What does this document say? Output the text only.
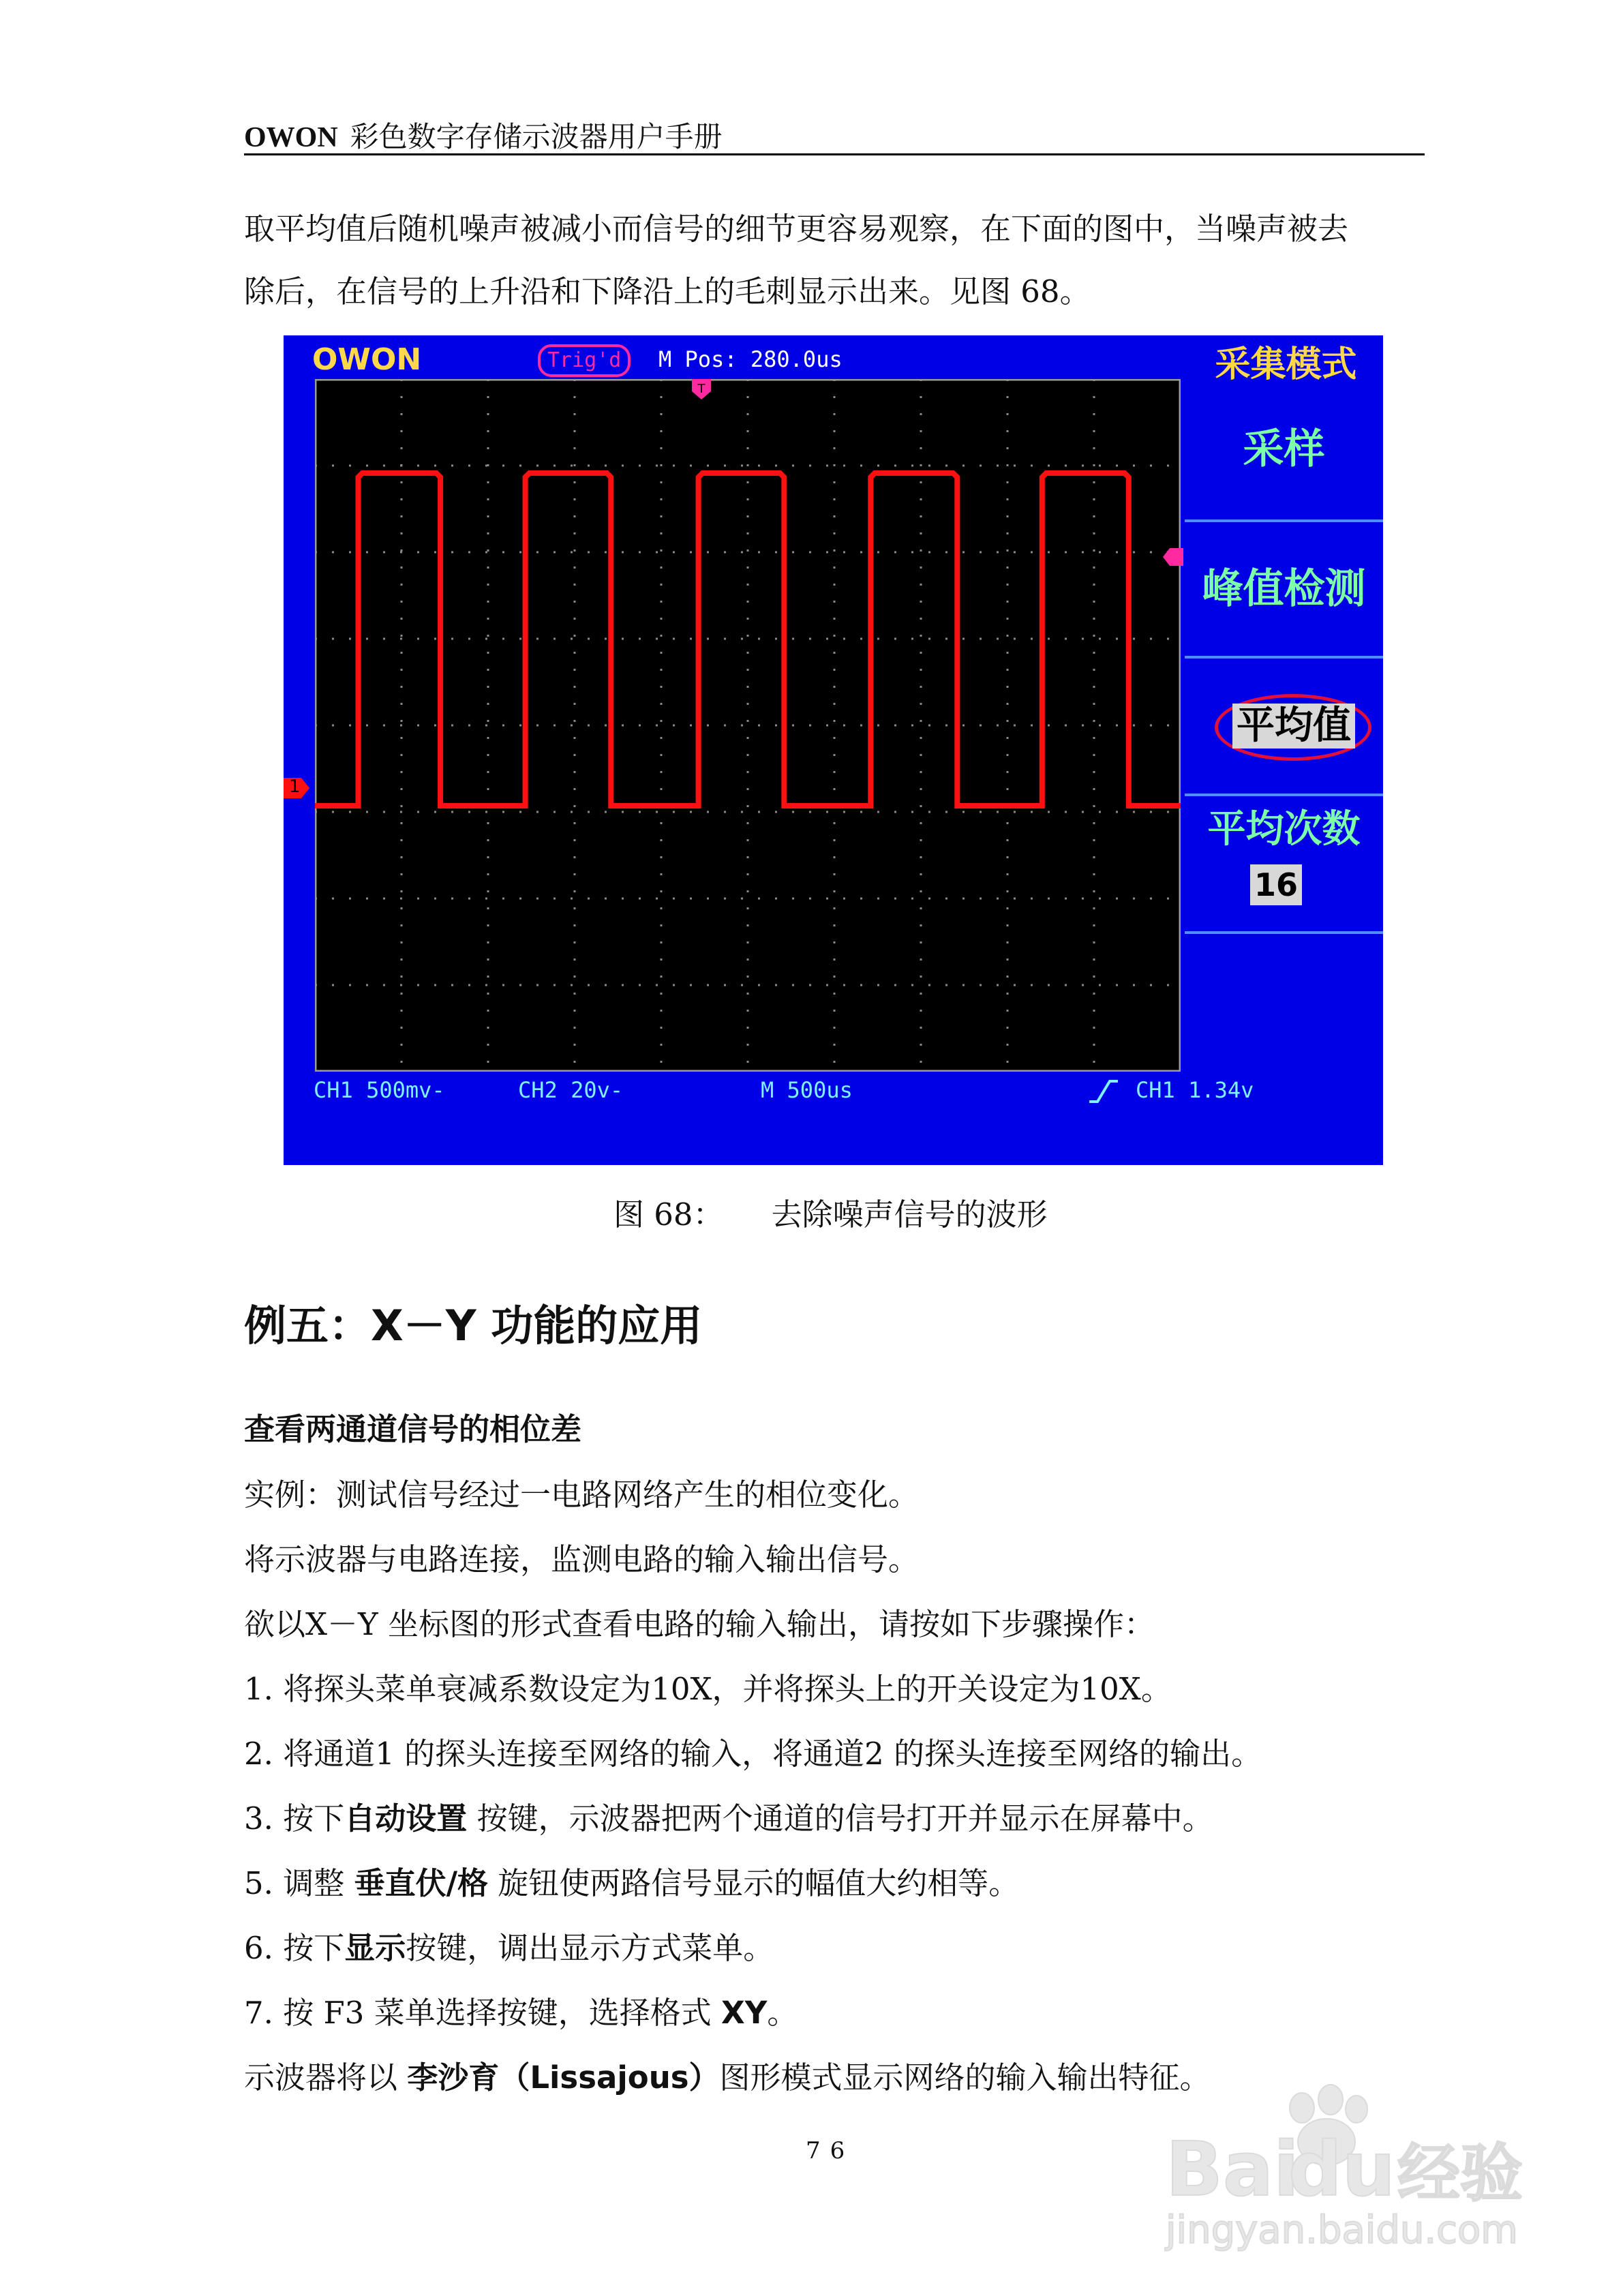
OWON 彩色数字存储示波器用户手册

取平均值后随机噪声被减小而信号的细节更容易观察，在下面的图中，当噪声被去

除后，在信号的上升沿和下降沿上的毛刺显示出来。见图 68。

OWON	Trig'd	M Pos: 280.0us
T
1
采集模式
采样
峰值检测
平均值
平均次数
16
CH1 500mv-	CH2 20v-	M 500us	CH1 1.34v
图 68： 去除噪声信号的波形
例五：X－Y 功能的应用
查看两通道信号的相位差
实例：测试信号经过一电路网络产生的相位变化。
将示波器与电路连接，监测电路的输入输出信号。
欲以X－Y 坐标图的形式查看电路的输入输出，请按如下步骤操作：
1. 将探头菜单衰减系数设定为10X，并将探头上的开关设定为10X。
2. 将通道1 的探头连接至网络的输入，将通道2 的探头连接至网络的输出。
3. 按下自动设置 按键，示波器把两个通道的信号打开并显示在屏幕中。
5. 调整 垂直伏/格 旋钮使两路信号显示的幅值大约相等。
6. 按下显示按键，调出显示方式菜单。
7. 按 F3 菜单选择按键，选择格式 XY。
示波器将以 李沙育（Lissajous）图形模式显示网络的输入输出特征。
76	Bai
du 经验
jingyan.baidu.com
